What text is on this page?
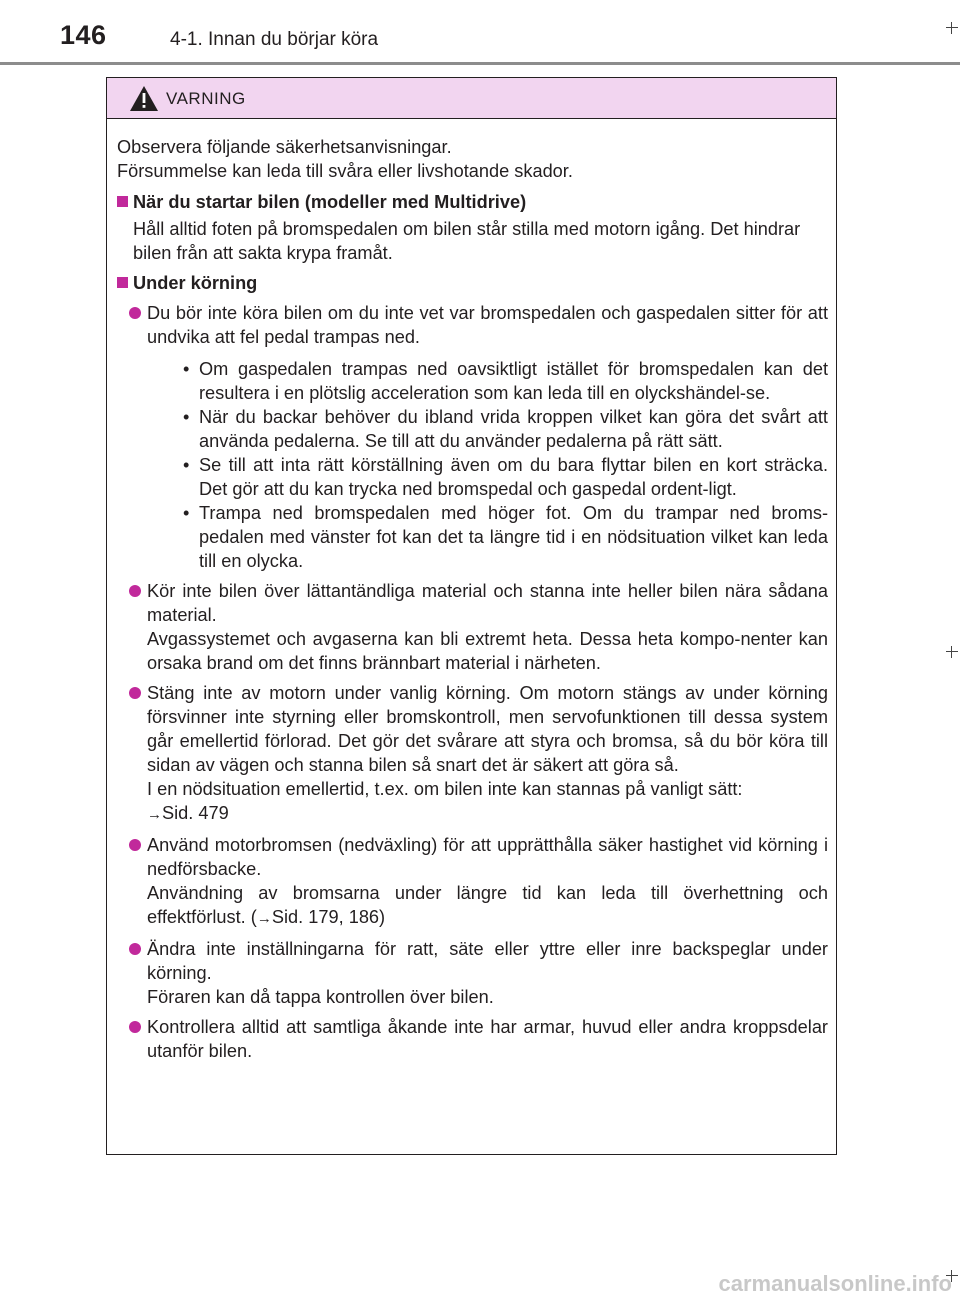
146	4-1. Innan du börjar köra
VARNING
Observera följande säkerhetsanvisningar.
Försummelse kan leda till svåra eller livshotande skador.
När du startar bilen (modeller med Multidrive)
Håll alltid foten på bromspedalen om bilen står stilla med motorn igång. Det hindrar bilen från att sakta krypa framåt.
Under körning

Du bör inte köra bilen om du inte vet var bromspedalen och gaspedalen sitter för att undvika att fel pedal trampas ned.

• Om gaspedalen trampas ned oavsiktligt istället för bromspedalen kan det resultera i en plötslig acceleration som kan leda till en olyckshändel-se.
• När du backar behöver du ibland vrida kroppen vilket kan göra det svårt att använda pedalerna. Se till att du använder pedalerna på rätt sätt.
• Se till att inta rätt körställning även om du bara flyttar bilen en kort sträcka. Det gör att du kan trycka ned bromspedal och gaspedal ordent-ligt.
• Trampa ned bromspedalen med höger fot. Om du trampar ned broms-pedalen med vänster fot kan det ta längre tid i en nödsituation vilket kan leda till en olycka.

Kör inte bilen över lättantändliga material och stanna inte heller bilen nära sådana material.

Avgassystemet och avgaserna kan bli extremt heta. Dessa heta kompo-nenter kan orsaka brand om det finns brännbart material i närheten.

Stäng inte av motorn under vanlig körning. Om motorn stängs av under körning försvinner inte styrning eller bromskontroll, men servofunktionen till dessa system går emellertid förlorad. Det gör det svårare att styra och bromsa, så du bör köra till sidan av vägen och stanna bilen så snart det är säkert att göra så.

I en nödsituation emellertid, t.ex. om bilen inte kan stannas på vanligt sätt:

→Sid. 479

Använd motorbromsen (nedväxling) för att upprätthålla säker hastighet vid körning i nedförsbacke.

Användning av bromsarna under längre tid kan leda till överhettning och effektförlust. (→Sid. 179, 186)

Ändra inte inställningarna för ratt, säte eller yttre eller inre backspeglar under körning.

Föraren kan då tappa kontrollen över bilen.

Kontrollera alltid att samtliga åkande inte har armar, huvud eller andra kroppsdelar utanför bilen.

carmanualsonline.info
